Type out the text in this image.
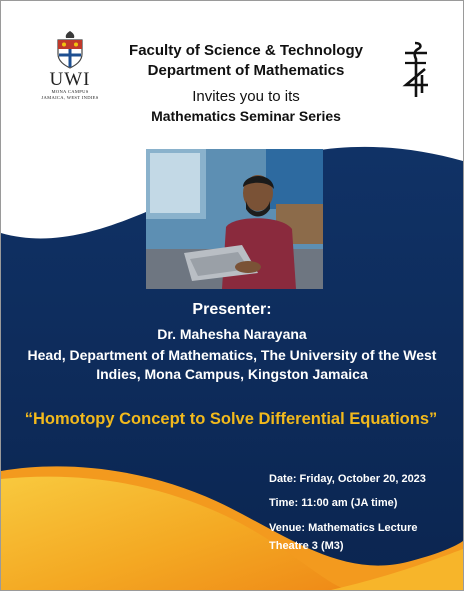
UWI
MONA CAMPUS
JAMAICA, WEST INDIES
Faculty of Science & Technology
Department of Mathematics
Invites you to its
Mathematics Seminar Series
Presenter:
Dr. Mahesha Narayana
Head, Department of Mathematics, The University of the West Indies, Mona Campus, Kingston Jamaica
“Homotopy Concept to Solve Differential Equations”
Date: Friday, October 20, 2023
Time: 11:00 am (JA time)
Venue: Mathematics Lecture Theatre 3 (M3)
